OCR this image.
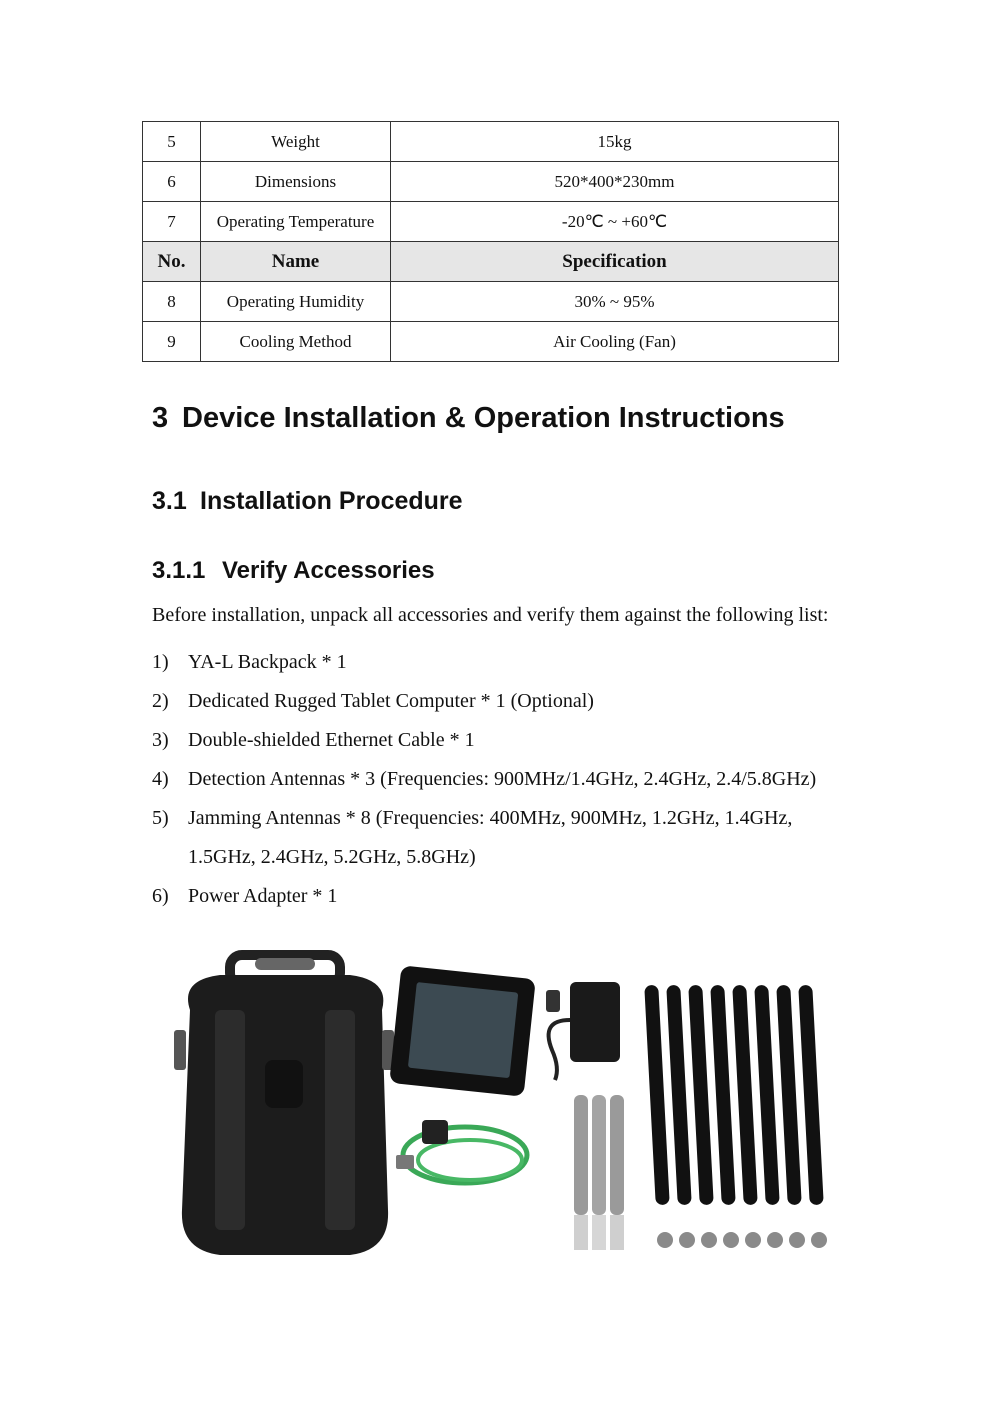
5	Weight	15kg
6	Dimensions	520*400*230mm
7	Operating Temperature	-20℃ ~ +60℃
No.	Name	Specification
8	Operating Humidity	30% ~ 95%
9	Cooling Method	Air Cooling (Fan)
3 Device Installation & Operation Instructions
3.1 Installation Procedure
3.1.1 Verify Accessories

Before installation, unpack all accessories and verify them against the following list:

1) YA-L Backpack * 1
2) Dedicated Rugged Tablet Computer * 1 (Optional)
3) Double-shielded Ethernet Cable * 1
4) Detection Antennas * 3 (Frequencies: 900MHz/1.4GHz, 2.4GHz, 2.4/5.8GHz)
5) Jamming Antennas * 8 (Frequencies: 400MHz, 900MHz, 1.2GHz, 1.4GHz, 1.5GHz, 2.4GHz, 5.2GHz, 5.8GHz)
6) Power Adapter * 1
